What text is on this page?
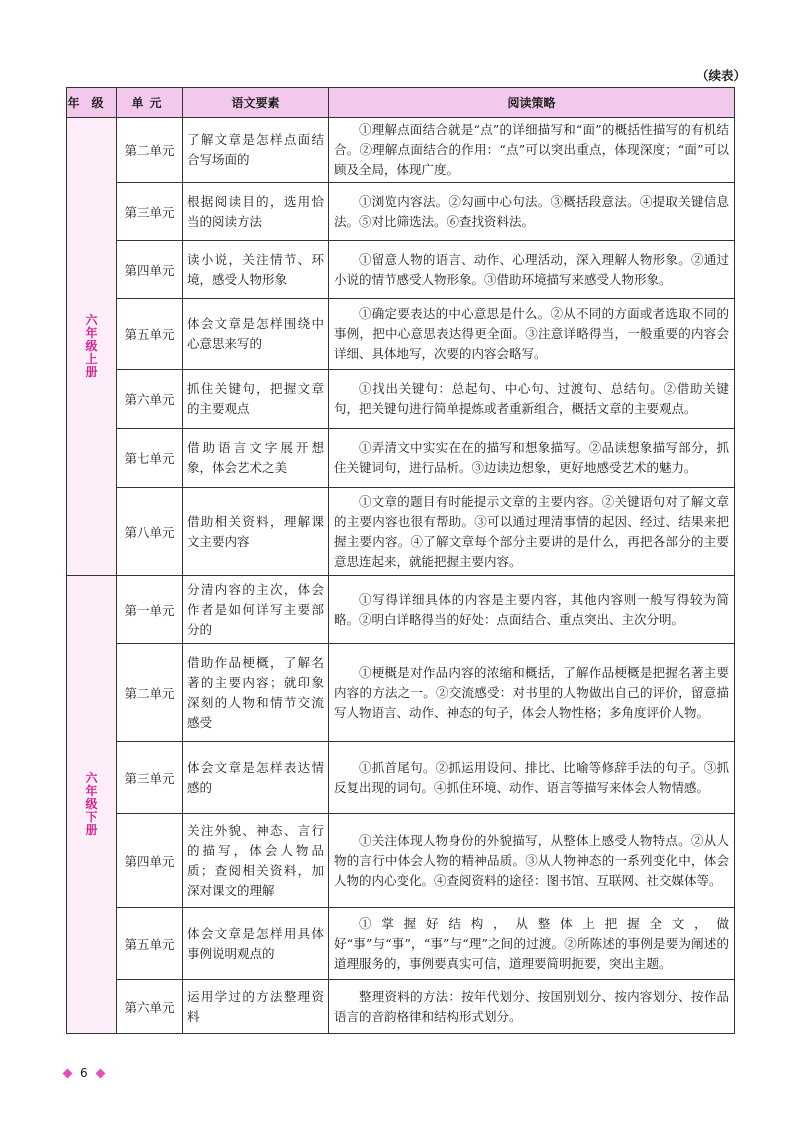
（续表）
年级	单元	语文要素	阅读策略
六年级上册	第二单元	了解文章是怎样点面结合写场面的	①理解点面结合就是“点”的详细描写和“面”的概括性描写的有机结合。②理解点面结合的作用：“点”可以突出重点，体现深度；“面”可以顾及全局，体现广度。
	第三单元	根据阅读目的，选用恰当的阅读方法	①浏览内容法。②勾画中心句法。③概括段意法。④提取关键信息法。⑤对比筛选法。⑥查找资料法。
	第四单元	读小说，关注情节、环境，感受人物形象	①留意人物的语言、动作、心理活动，深入理解人物形象。②通过小说的情节感受人物形象。③借助环境描写来感受人物形象。
	第五单元	体会文章是怎样围绕中心意思来写的	①确定要表达的中心意思是什么。②从不同的方面或者选取不同的事例，把中心意思表达得更全面。③注意详略得当，一般重要的内容会详细、具体地写，次要的内容会略写。
	第六单元	抓住关键句，把握文章的主要观点	①找出关键句：总起句、中心句、过渡句、总结句。②借助关键句，把关键句进行简单提炼或者重新组合，概括文章的主要观点。
	第七单元	借助语言文字展开想象，体会艺术之美	①弄清文中实实在在的描写和想象描写。②品读想象描写部分，抓住关键词句，进行品析。③边读边想象，更好地感受艺术的魅力。
	第八单元	借助相关资料，理解课文主要内容	①文章的题目有时能提示文章的主要内容。②关键语句对了解文章的主要内容也很有帮助。③可以通过理清事情的起因、经过、结果来把握主要内容。④了解文章每个部分主要讲的是什么，再把各部分的主要意思连起来，就能把握主要内容。
六年级下册	第一单元	分清内容的主次，体会作者是如何详写主要部分的	①写得详细具体的内容是主要内容，其他内容则一般写得较为简略。②明白详略得当的好处：点面结合、重点突出、主次分明。
	第二单元	借助作品梗概，了解名著的主要内容；就印象深刻的人物和情节交流感受	①梗概是对作品内容的浓缩和概括，了解作品梗概是把握名著主要内容的方法之一。②交流感受：对书里的人物做出自己的评价，留意描写人物语言、动作、神态的句子，体会人物性格；多角度评价人物。
	第三单元	体会文章是怎样表达情感的	①抓首尾句。②抓运用设问、排比、比喻等修辞手法的句子。③抓反复出现的词句。④抓住环境、动作、语言等描写来体会人物情感。
	第四单元	关注外貌、神态、言行的描写，体会人物品质；查阅相关资料，加深对课文的理解	①关注体现人物身份的外貌描写，从整体上感受人物特点。②从人物的言行中体会人物的精神品质。③从人物神态的一系列变化中，体会人物的内心变化。④查阅资料的途径：图书馆、互联网、社交媒体等。
	第五单元	体会文章是怎样用具体事例说明观点的	①掌握好结构，从整体上把握全文，做好“事”与“事”，“事”与“理”之间的过渡。②所陈述的事例是要为阐述的道理服务的，事例要真实可信，道理要简明扼要，突出主题。
	第六单元	运用学过的方法整理资料	整理资料的方法：按年代划分、按国别划分、按内容划分、按作品语言的音韵格律和结构形式划分。
6
